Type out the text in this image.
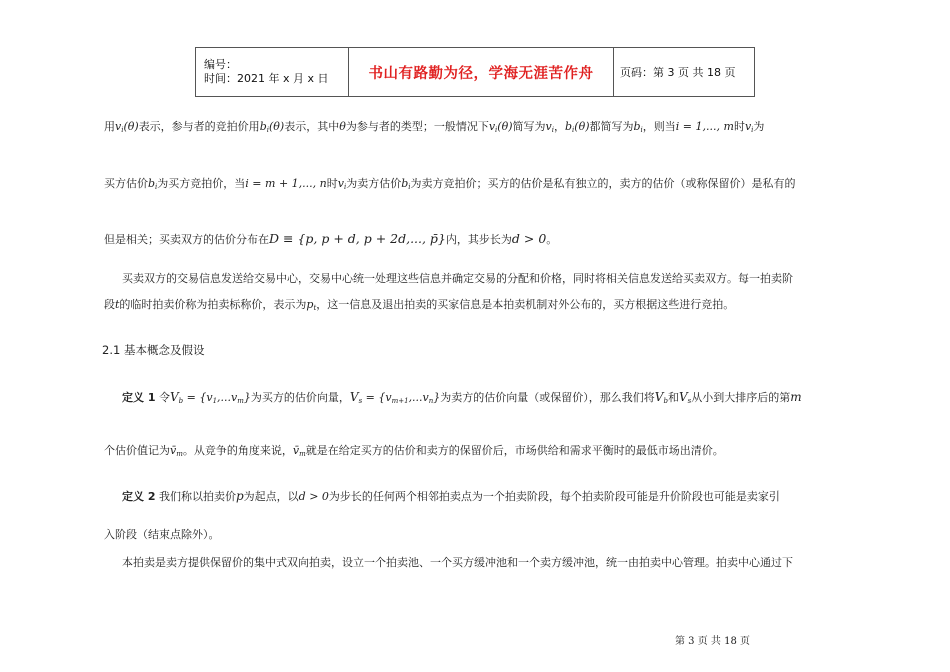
编号：
时间：2021 年 x 月 x 日	书山有路勤为径，学海无涯苦作舟	页码：第 3 页 共 18 页
用$v_i(\theta)$表示，参与者的竞拍价用$b_i(\theta)$表示，其中θ为参与者的类型；一般情况下$v_i(\theta)$简写为$v_i$，$b_i(\theta)$都简写为$b_i$，则当i = 1,..., m时$v_i$为
买方估价$b_i$为买方竞拍价，当i = m + 1,..., n时$v_i$为卖方估价$b_i$为卖方竞拍价；买方的估价是私有独立的，卖方的估价（或称保留价）是私有的
但是相关；买卖双方的估价分布在D ≡ {p, p + d, p + 2d,..., p̄}内，其步长为d > 0。
买卖双方的交易信息发送给交易中心，交易中心统一处理这些信息并确定交易的分配和价格，同时将相关信息发送给买卖双方。每一拍卖阶
段t的临时拍卖价称为拍卖标称价，表示为$p_t$，这一信息及退出拍卖的买家信息是本拍卖机制对外公布的，买方根据这些进行竞拍。
2.1 基本概念及假设
定义 1 令$V_b = \{v_1,...v_m\}$为买方的估价向量，$V_s = \{v_{m+1},...v_n\}$为卖方的估价向量（或保留价），那么我们将$V_b$和$V_s$从小到大排序后的第m
个估价值记为$v̄_m$。从竞争的角度来说，$v̄_m$就是在给定买方的估价和卖方的保留价后，市场供给和需求平衡时的最低市场出清价。
定义 2 我们称以拍卖价p为起点，以d > 0为步长的任何两个相邻拍卖点为一个拍卖阶段，每个拍卖阶段可能是升价阶段也可能是卖家引
入阶段（结束点除外）。
本拍卖是卖方提供保留价的集中式双向拍卖，设立一个拍卖池、一个买方缓冲池和一个卖方缓冲池，统一由拍卖中心管理。拍卖中心通过下
第 3 页 共 18 页
